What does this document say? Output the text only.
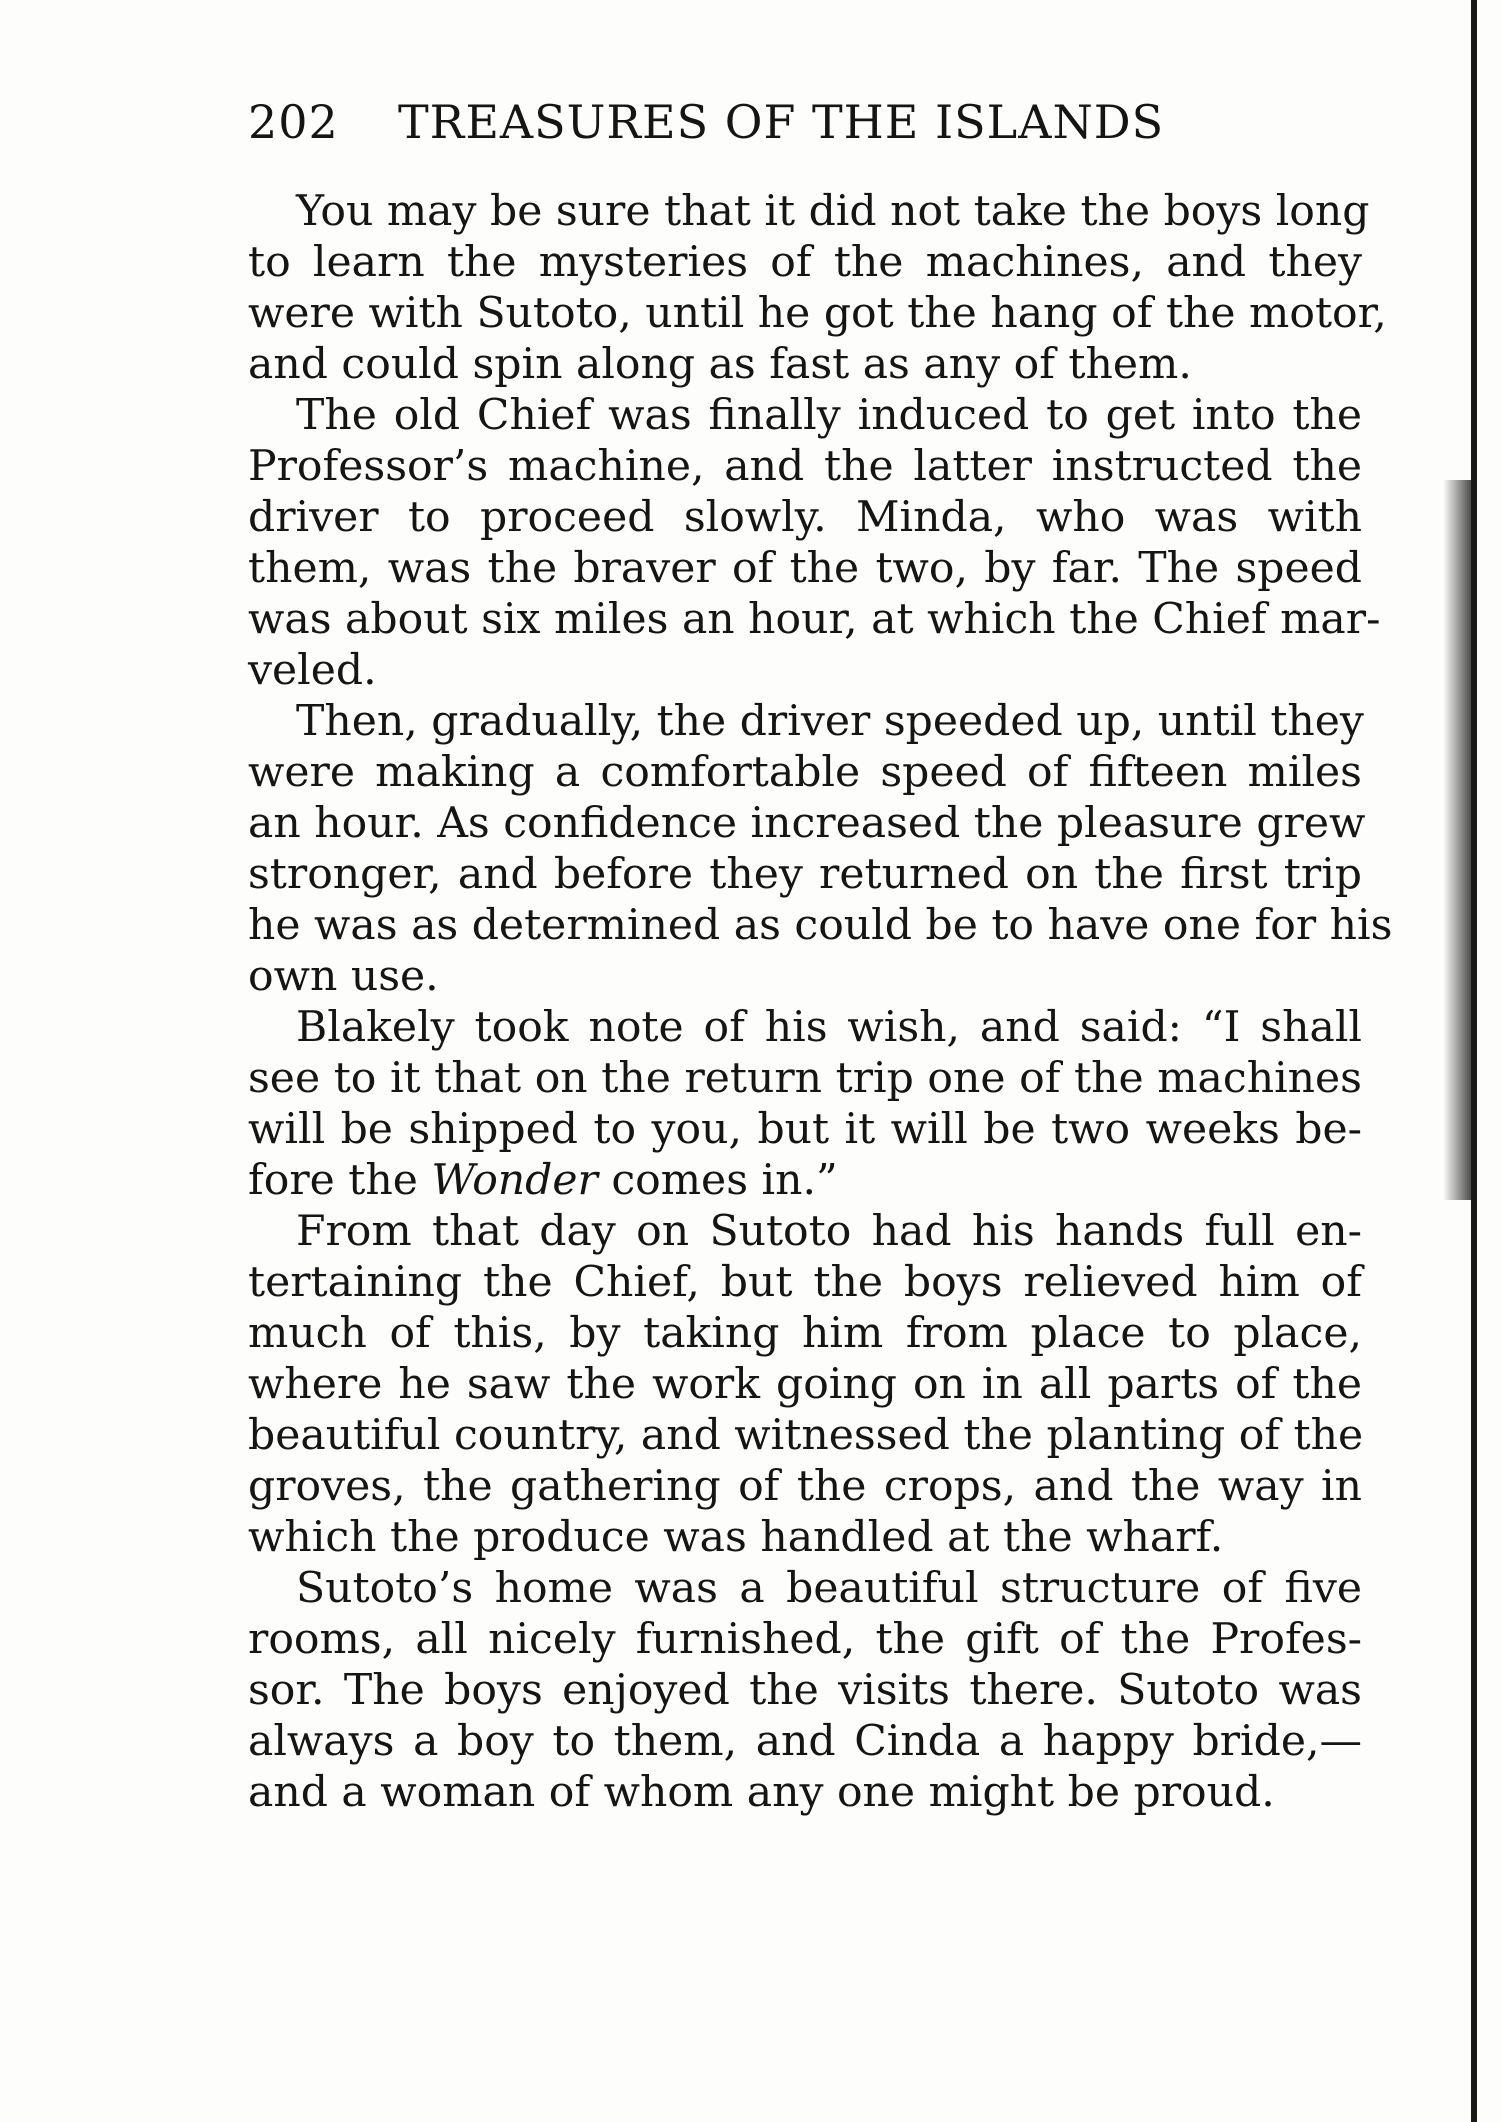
202 TREASURES OF THE ISLANDS
You may be sure that it did not take the boys long
to learn the mysteries of the machines, and they
were with Sutoto, until he got the hang of the motor,
and could spin along as fast as any of them.
The old Chief was finally induced to get into the
Professor’s machine, and the latter instructed the
driver to proceed slowly. Minda, who was with
them, was the braver of the two, by far. The speed
was about six miles an hour, at which the Chief mar-
veled.
Then, gradually, the driver speeded up, until they
were making a comfortable speed of fifteen miles
an hour. As confidence increased the pleasure grew
stronger, and before they returned on the first trip
he was as determined as could be to have one for his
own use.
Blakely took note of his wish, and said: “I shall
see to it that on the return trip one of the machines
will be shipped to you, but it will be two weeks be-
fore the Wonder comes in.”
From that day on Sutoto had his hands full en-
tertaining the Chief, but the boys relieved him of
much of this, by taking him from place to place,
where he saw the work going on in all parts of the
beautiful country, and witnessed the planting of the
groves, the gathering of the crops, and the way in
which the produce was handled at the wharf.
Sutoto’s home was a beautiful structure of five
rooms, all nicely furnished, the gift of the Profes-
sor. The boys enjoyed the visits there. Sutoto was
always a boy to them, and Cinda a happy bride,—
and a woman of whom any one might be proud.
